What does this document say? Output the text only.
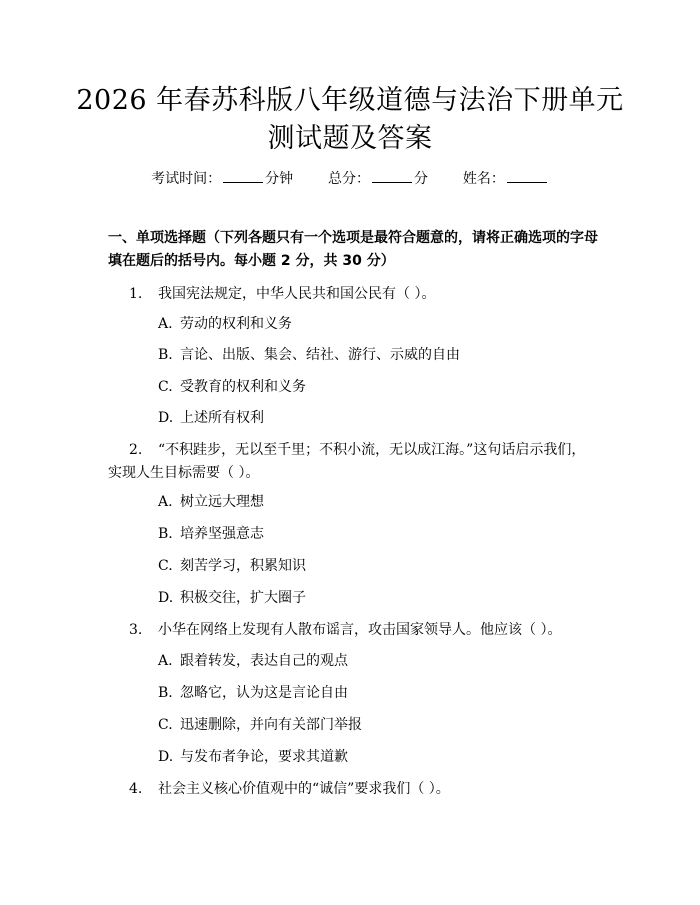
2026 年春苏科版八年级道德与法治下册单元
测试题及答案
考试时间：	分钟 总分：	分 姓名：
一、单项选择题（下列各题只有一个选项是最符合题意的，请将正确选项的字母填在题后的括号内。每小题 2 分，共 30 分）
1. 我国宪法规定，中华人民共和国公民有（ ）。
A. 劳动的权利和义务
B. 言论、出版、集会、结社、游行、示威的自由
C. 受教育的权利和义务
D. 上述所有权利
2. “不积跬步，无以至千里；不积小流，无以成江海。”这句话启示我们，
实现人生目标需要（ ）。
A. 树立远大理想
B. 培养坚强意志
C. 刻苦学习，积累知识
D. 积极交往，扩大圈子
3. 小华在网络上发现有人散布谣言，攻击国家领导人。他应该（ ）。
A. 跟着转发，表达自己的观点
B. 忽略它，认为这是言论自由
C. 迅速删除，并向有关部门举报
D. 与发布者争论，要求其道歉
4. 社会主义核心价值观中的“诚信”要求我们（ ）。
